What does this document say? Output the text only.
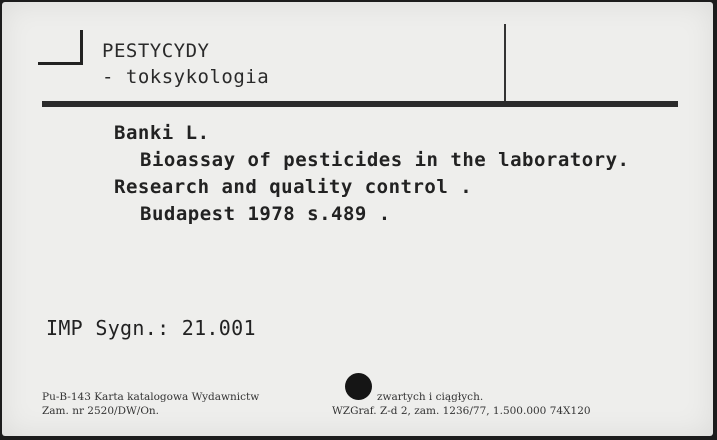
PESTYCYDY
- toksykologia
Banki L.
Bioassay of pesticides in the laboratory.
Research and quality control .
Budapest 1978 s.489 .
IMP Sygn.: 21.001
Pu-B-143 Karta katalogowa Wydawnictw	zwartych i ciągłych.
Zam. nr 2520/DW/On.	WZGraf. Z-d 2, zam. 1236/77, 1.500.000 74X120
